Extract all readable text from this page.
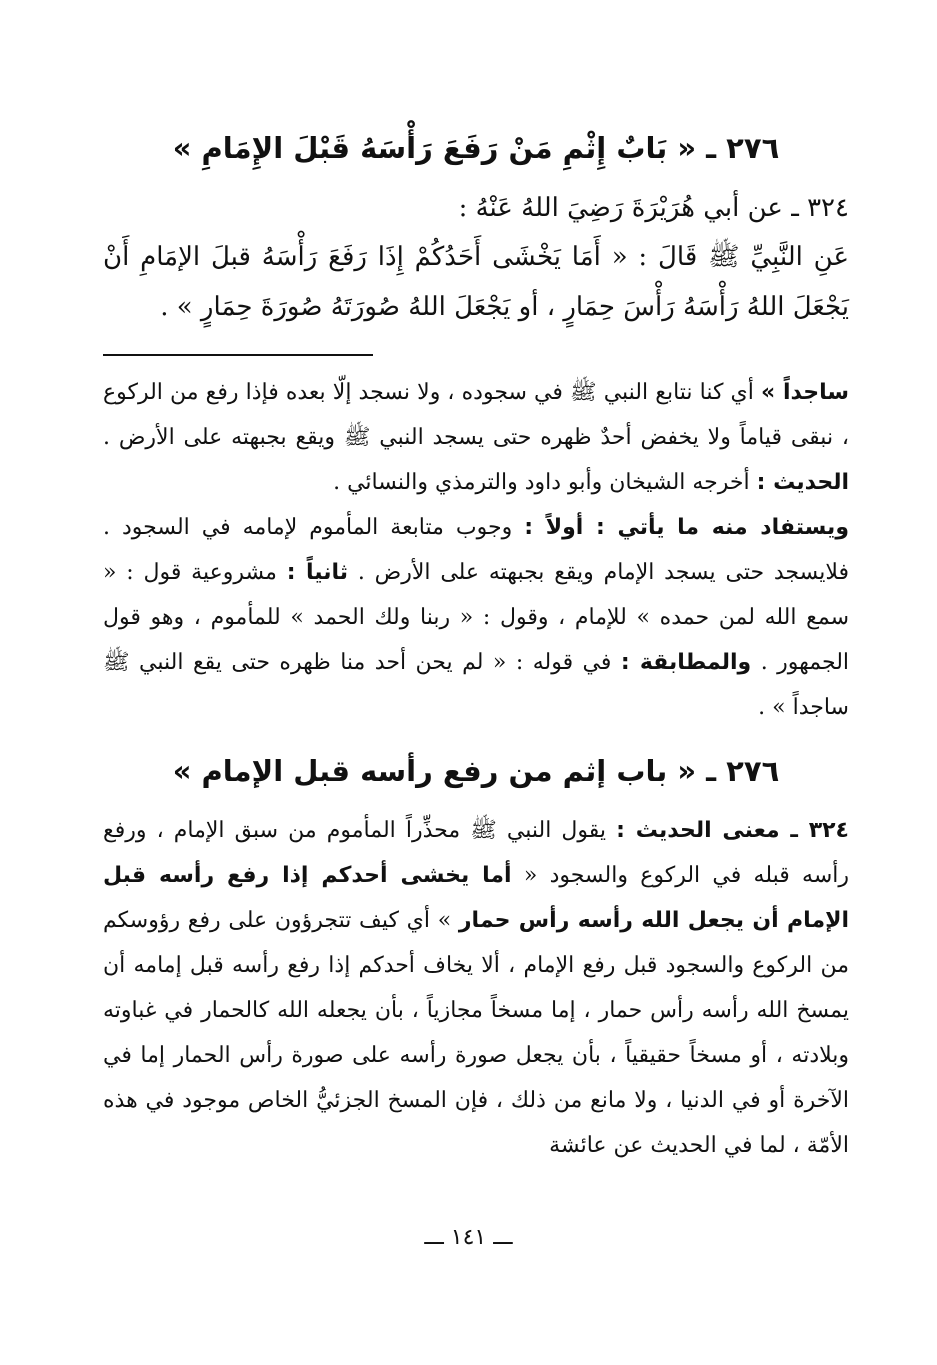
٢٧٦ ـ « بَابٌ إِثْمِ مَنْ رَفَعَ رَأْسَهُ قَبْلَ الإِمَامِ »
٣٢٤ ـ عن أبي هُرَيْرَةَ رَضِيَ اللهُ عَنْهُ :
عَنِ النَّبِيِّ ﷺ قَالَ : « أَمَا يَخْشَى أَحَدُكُمْ إِذَا رَفَعَ رَأْسَهُ قبلَ الإمَامِ أَنْ يَجْعَلَ اللهُ رَأْسَهُ رَأْسَ حِمَارٍ ، أو يَجْعَلَ اللهُ صُورَتَهُ صُورَةَ حِمَارٍ » .
ساجداً » أي كنا نتابع النبي ﷺ في سجوده ، ولا نسجد إلّا بعده فإذا رفع من الركوع ، نبقى قياماً ولا يخفض أحدٌ ظهره حتى يسجد النبي ﷺ ويقع بجبهته على الأرض . الحديث : أخرجه الشيخان وأبو داود والترمذي والنسائي .
ويستفاد منه ما يأتي : أولاً : وجوب متابعة المأموم لإمامه في السجود . فلايسجد حتى يسجد الإمام ويقع بجبهته على الأرض . ثانياً : مشروعية قول : « سمع الله لمن حمده » للإمام ، وقول : « ربنا ولك الحمد » للمأموم ، وهو قول الجمهور . والمطابقة : في قوله : « لم يحن أحد منا ظهره حتى يقع النبي ﷺ ساجداً » .
٢٧٦ ـ « باب إثم من رفع رأسه قبل الإمام »
٣٢٤ ـ معنى الحديث : يقول النبي ﷺ محذِّراً المأموم من سبق الإمام ، ورفع رأسه قبله في الركوع والسجود « أما يخشى أحدكم إذا رفع رأسه قبل الإمام أن يجعل الله رأسه رأس حمار » أي كيف تتجرؤون على رفع رؤوسكم من الركوع والسجود قبل رفع الإمام ، ألا يخاف أحدكم إذا رفع رأسه قبل إمامه أن يمسخ الله رأسه رأس حمار ، إما مسخاً مجازياً ، بأن يجعله الله كالحمار في غباوته وبلادته ، أو مسخاً حقيقياً ، بأن يجعل صورة رأسه على صورة رأس الحمار إما في الآخرة أو في الدنيا ، ولا مانع من ذلك ، فإن المسخ الجزئيُّ الخاص موجود في هذه الأمّة ، لما في الحديث عن عائشة
ـــ ١٤١ ـــ
